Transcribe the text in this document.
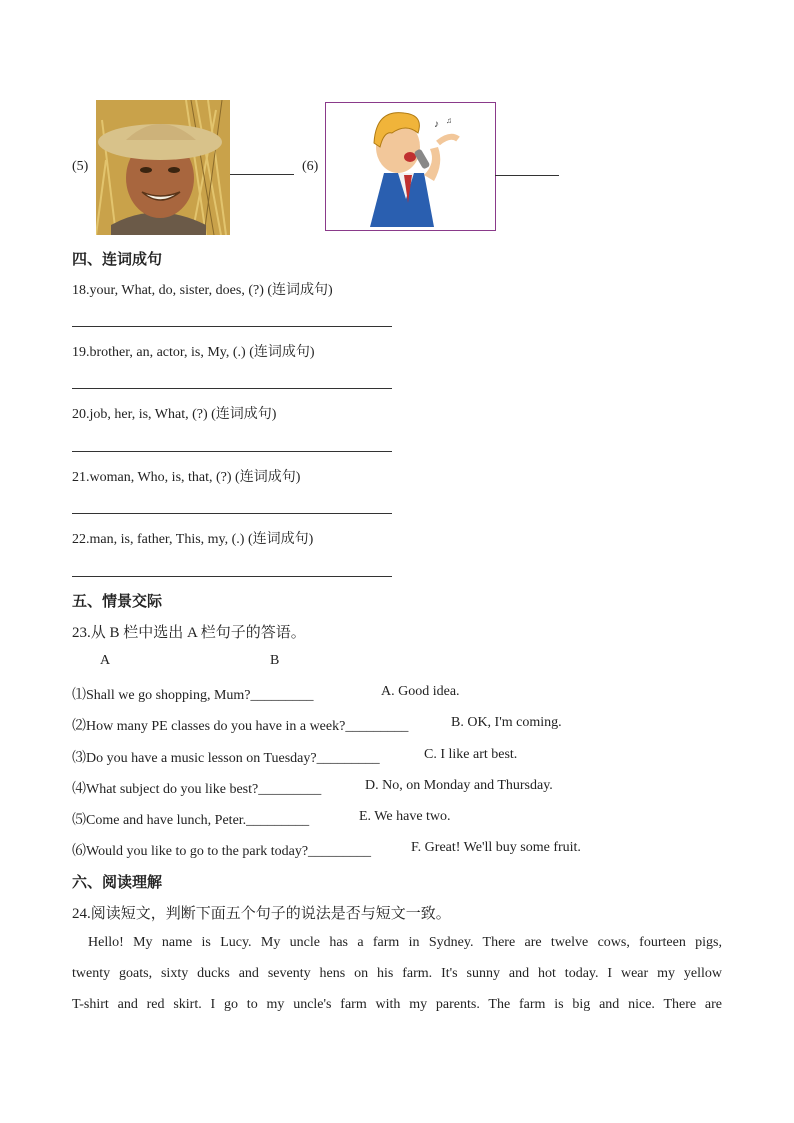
(5)	(6)
♪ ♫
四、连词成句
18.your, What, do, sister, does, (?) (连词成句)
19.brother, an, actor, is, My, (.) (连词成句)
20.job, her, is, What, (?) (连词成句)
21.woman, Who, is, that, (?) (连词成句)
22.man, is, father, This, my, (.) (连词成句)
五、情景交际
23.从 B 栏中选出 A 栏句子的答语。
A	B
⑴Shall we go shopping, Mum?_________	A. Good idea.
⑵How many PE classes do you have in a week?_________	B. OK, I'm coming.
⑶Do you have a music lesson on Tuesday?_________	C. I like art best.
⑷What subject do you like best?_________	D. No, on Monday and Thursday.
⑸Come and have lunch, Peter._________	E. We have two.
⑹Would you like to go to the park today?_________	F. Great! We'll buy some fruit.
六、阅读理解
24.阅读短文，判断下面五个句子的说法是否与短文一致。
Hello! My name is Lucy. My uncle has a farm in Sydney. There are twelve cows, fourteen pigs,
twenty goats, sixty ducks and seventy hens on his farm. It's sunny and hot today. I wear my yellow
T-shirt and red skirt. I go to my uncle's farm with my parents. The farm is big and nice. There are
